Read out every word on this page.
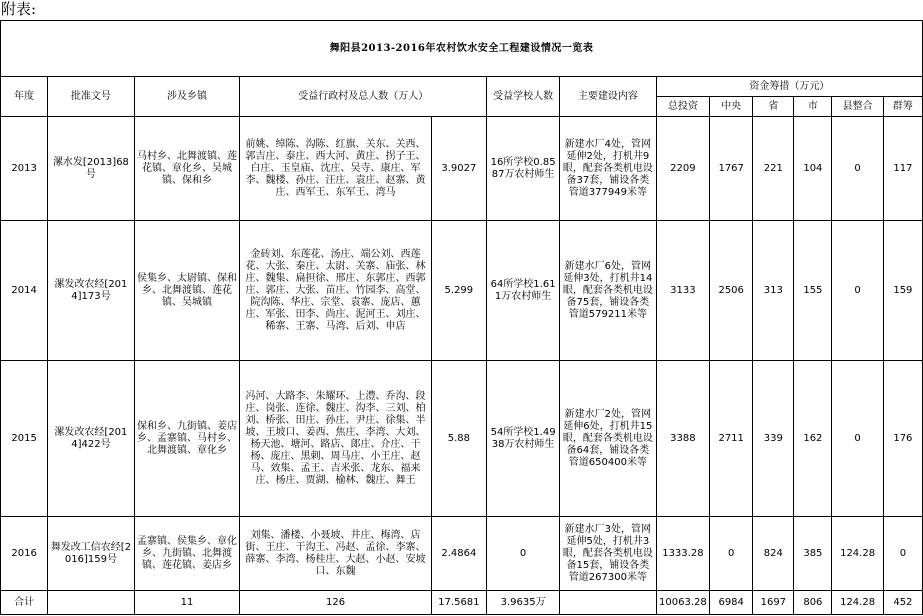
附表:
舞阳县2013-2016年农村饮水安全工程建设情况一览表												
年度	批准文号	涉及乡镇	受益行政村及总人数（万人）		受益学校人数	主要建设内容	资金筹措（万元）					
							总投资	中央	省	市	县整合	群筹
2013	漯水发[2013]68号	马村乡、北舞渡镇、莲花镇、章化乡、吴城镇、保和乡	前姚、绰陈、沟陈、红旗、关东、关西、郭吉庄、泰庄、西大河、黄庄、拐子王、白庄、玉皇庙、沈庄、吴寺、康庄、军李、魏楼、孙庄、汪庄、袁庄、赵寨、黄庄、西军王、东军王、湾马	3.9027	16所学校0.8587万农村师生	新建水厂4处，管网延伸2处，打机井9眼，配套各类机电设备37套，铺设各类管道377949米等	2209	1767	221	104	0	117
2014	漯发改农经[2014]173号	侯集乡、太尉镇、保和乡、北舞渡镇、莲花镇、吴城镇	金砖刘、东莲花、汤庄、端公刘、西莲花、大张、秦庄、太尉、关寨、庙张、林庄、魏集、扁担徐、邢庄、东郭庄、西郭庄、郭庄、大张、苗庄、竹园李、高堂、院沟陈、华庄、宗堂、袁寨、庞店、蕙庄、军张、田李、尚庄、泥河王、刘庄、稀寨、王寨、马湾、后刘、申店	5.299	64所学校1.611万农村师生	新建水厂6处，管网延伸3处，打机井14眼，配套各类机电设备75套，铺设各类管道579211米等	3133	2506	313	155	0	159
2015	漯发改农经[2014]422号	保和乡、九街镇、姜店乡、孟寨镇、马村乡、北舞渡镇、章化乡	冯河、大路李、朱耀环、上澧、乔沟、段庄、岗张、连徐、魏庄、沟李、三刘、柏刘、桥张、田庄、孙庄、尹庄、徐集、半坡、王坡口、姜西、焦庄、李湾、大刘、杨天池、塘河、路店、郎庄、介庄、干杨、庞庄、黑刺、周马庄、小王庄、赵马、效集、孟王、吉米张、龙东、福来庄、杨庄、贾湖、榆林、魏庄、舞王	5.88	54所学校1.4938万农村师生	新建水厂2处，管网延伸6处，打机井15眼，配套各类机电设备64套，铺设各类管道650400米等	3388	2711	339	162	0	176
2016	舞发改工信农经[2016]159号	孟寨镇、侯集乡、章化乡、九街镇、北舞渡镇、莲花镇、姜店乡	刘集、潘楼、小聂坡、井庄、梅湾、店街、王庄、干沟王、冯赵、孟徐、李寨、薛寨、李湾、杨桂庄、大赵、小赵、安坡口、东魏	2.4864	0	新建水厂3处，管网延伸5处，打机井3眼，配套各类机电设备15套，铺设各类管道267300米等	1333.28	0	824	385	124.28	0
合计		11	126	17.5681	3.9635万		10063.28	6984	1697	806	124.28	452
